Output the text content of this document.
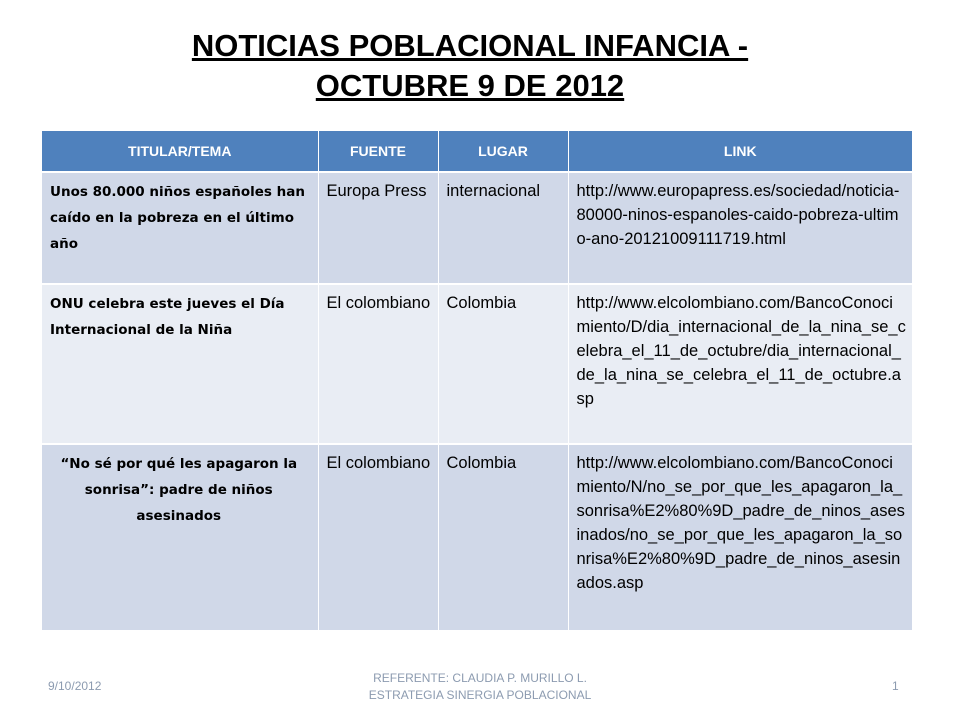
NOTICIAS POBLACIONAL INFANCIA -
OCTUBRE 9 DE 2012
TITULAR/TEMA	FUENTE	LUGAR	LINK
Unos 80.000 niños españoles han caído en la pobreza en el último año	Europa Press	internacional	http://www.europapress.es/sociedad/noticia-80000-ninos-espanoles-caido-pobreza-ultimo-ano-20121009111719.html
ONU celebra este jueves el Día Internacional de la Niña	El colombiano	Colombia	http://www.elcolombiano.com/BancoConocimiento/D/dia_internacional_de_la_nina_se_celebra_el_11_de_octubre/dia_internacional_de_la_nina_se_celebra_el_11_de_octubre.asp
“No sé por qué les apagaron la sonrisa”: padre de niños asesinados	El colombiano	Colombia	http://www.elcolombiano.com/BancoConocimiento/N/no_se_por_que_les_apagaron_la_sonrisa%E2%80%9D_padre_de_ninos_asesinados/no_se_por_que_les_apagaron_la_sonrisa%E2%80%9D_padre_de_ninos_asesinados.asp
9/10/2012
REFERENTE: CLAUDIA P. MURILLO L.
ESTRATEGIA SINERGIA POBLACIONAL
1
